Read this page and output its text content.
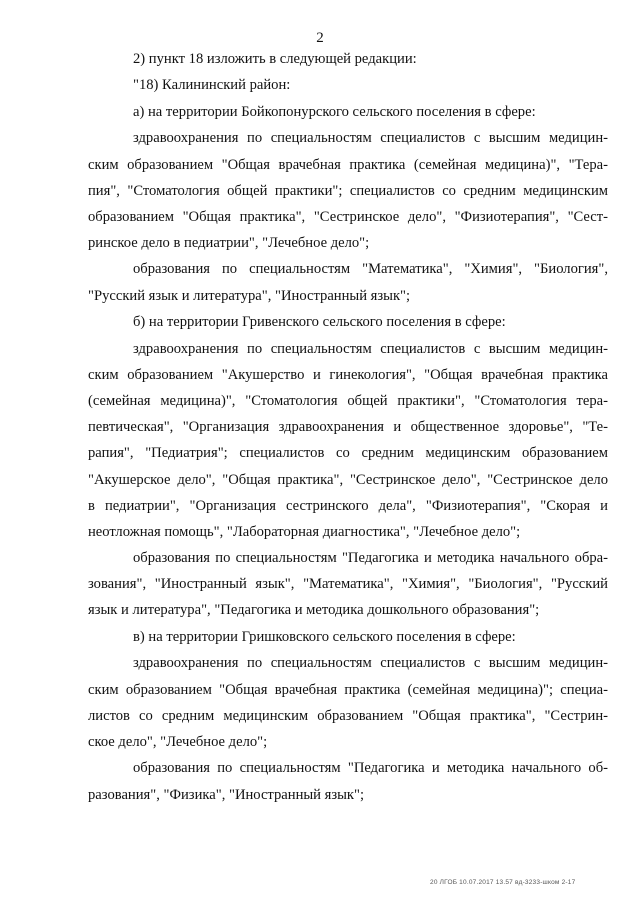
2
2) пункт 18 изложить в следующей редакции:
"18) Калининский район:
а) на территории Бойкопонурского сельского поселения в сфере:
здравоохранения по специальностям специалистов с высшим медицин-
ским образованием "Общая врачебная практика (семейная медицина)", "Тера-
пия", "Стоматология общей практики"; специалистов со средним медицинским
образованием "Общая практика", "Сестринское дело", "Физиотерапия", "Сест-
ринское дело в педиатрии", "Лечебное дело";
образования по специальностям "Математика", "Химия", "Биология",
"Русский язык и литература", "Иностранный язык";
б) на территории Гривенского сельского поселения в сфере:
здравоохранения по специальностям специалистов с высшим медицин-
ским образованием "Акушерство и гинекология", "Общая врачебная практика
(семейная медицина)", "Стоматология общей практики", "Стоматология тера-
певтическая", "Организация здравоохранения и общественное здоровье", "Те-
рапия", "Педиатрия"; специалистов со средним медицинским образованием
"Акушерское дело", "Общая практика", "Сестринское дело", "Сестринское дело
в педиатрии", "Организация сестринского дела", "Физиотерапия", "Скорая и
неотложная помощь", "Лабораторная диагностика", "Лечебное дело";
образования по специальностям "Педагогика и методика начального обра-
зования", "Иностранный язык", "Математика", "Химия", "Биология", "Русский
язык и литература", "Педагогика и методика дошкольного образования";
в) на территории Гришковского сельского поселения в сфере:
здравоохранения по специальностям специалистов с высшим медицин-
ским образованием "Общая врачебная практика (семейная медицина)"; специа-
листов со средним медицинским образованием "Общая практика", "Сестрин-
ское дело", "Лечебное дело";
образования по специальностям "Педагогика и методика начального об-
разования", "Физика", "Иностранный язык";
20 ЛГОБ 10.07.2017 13.57 вд-3233-шком 2-17
